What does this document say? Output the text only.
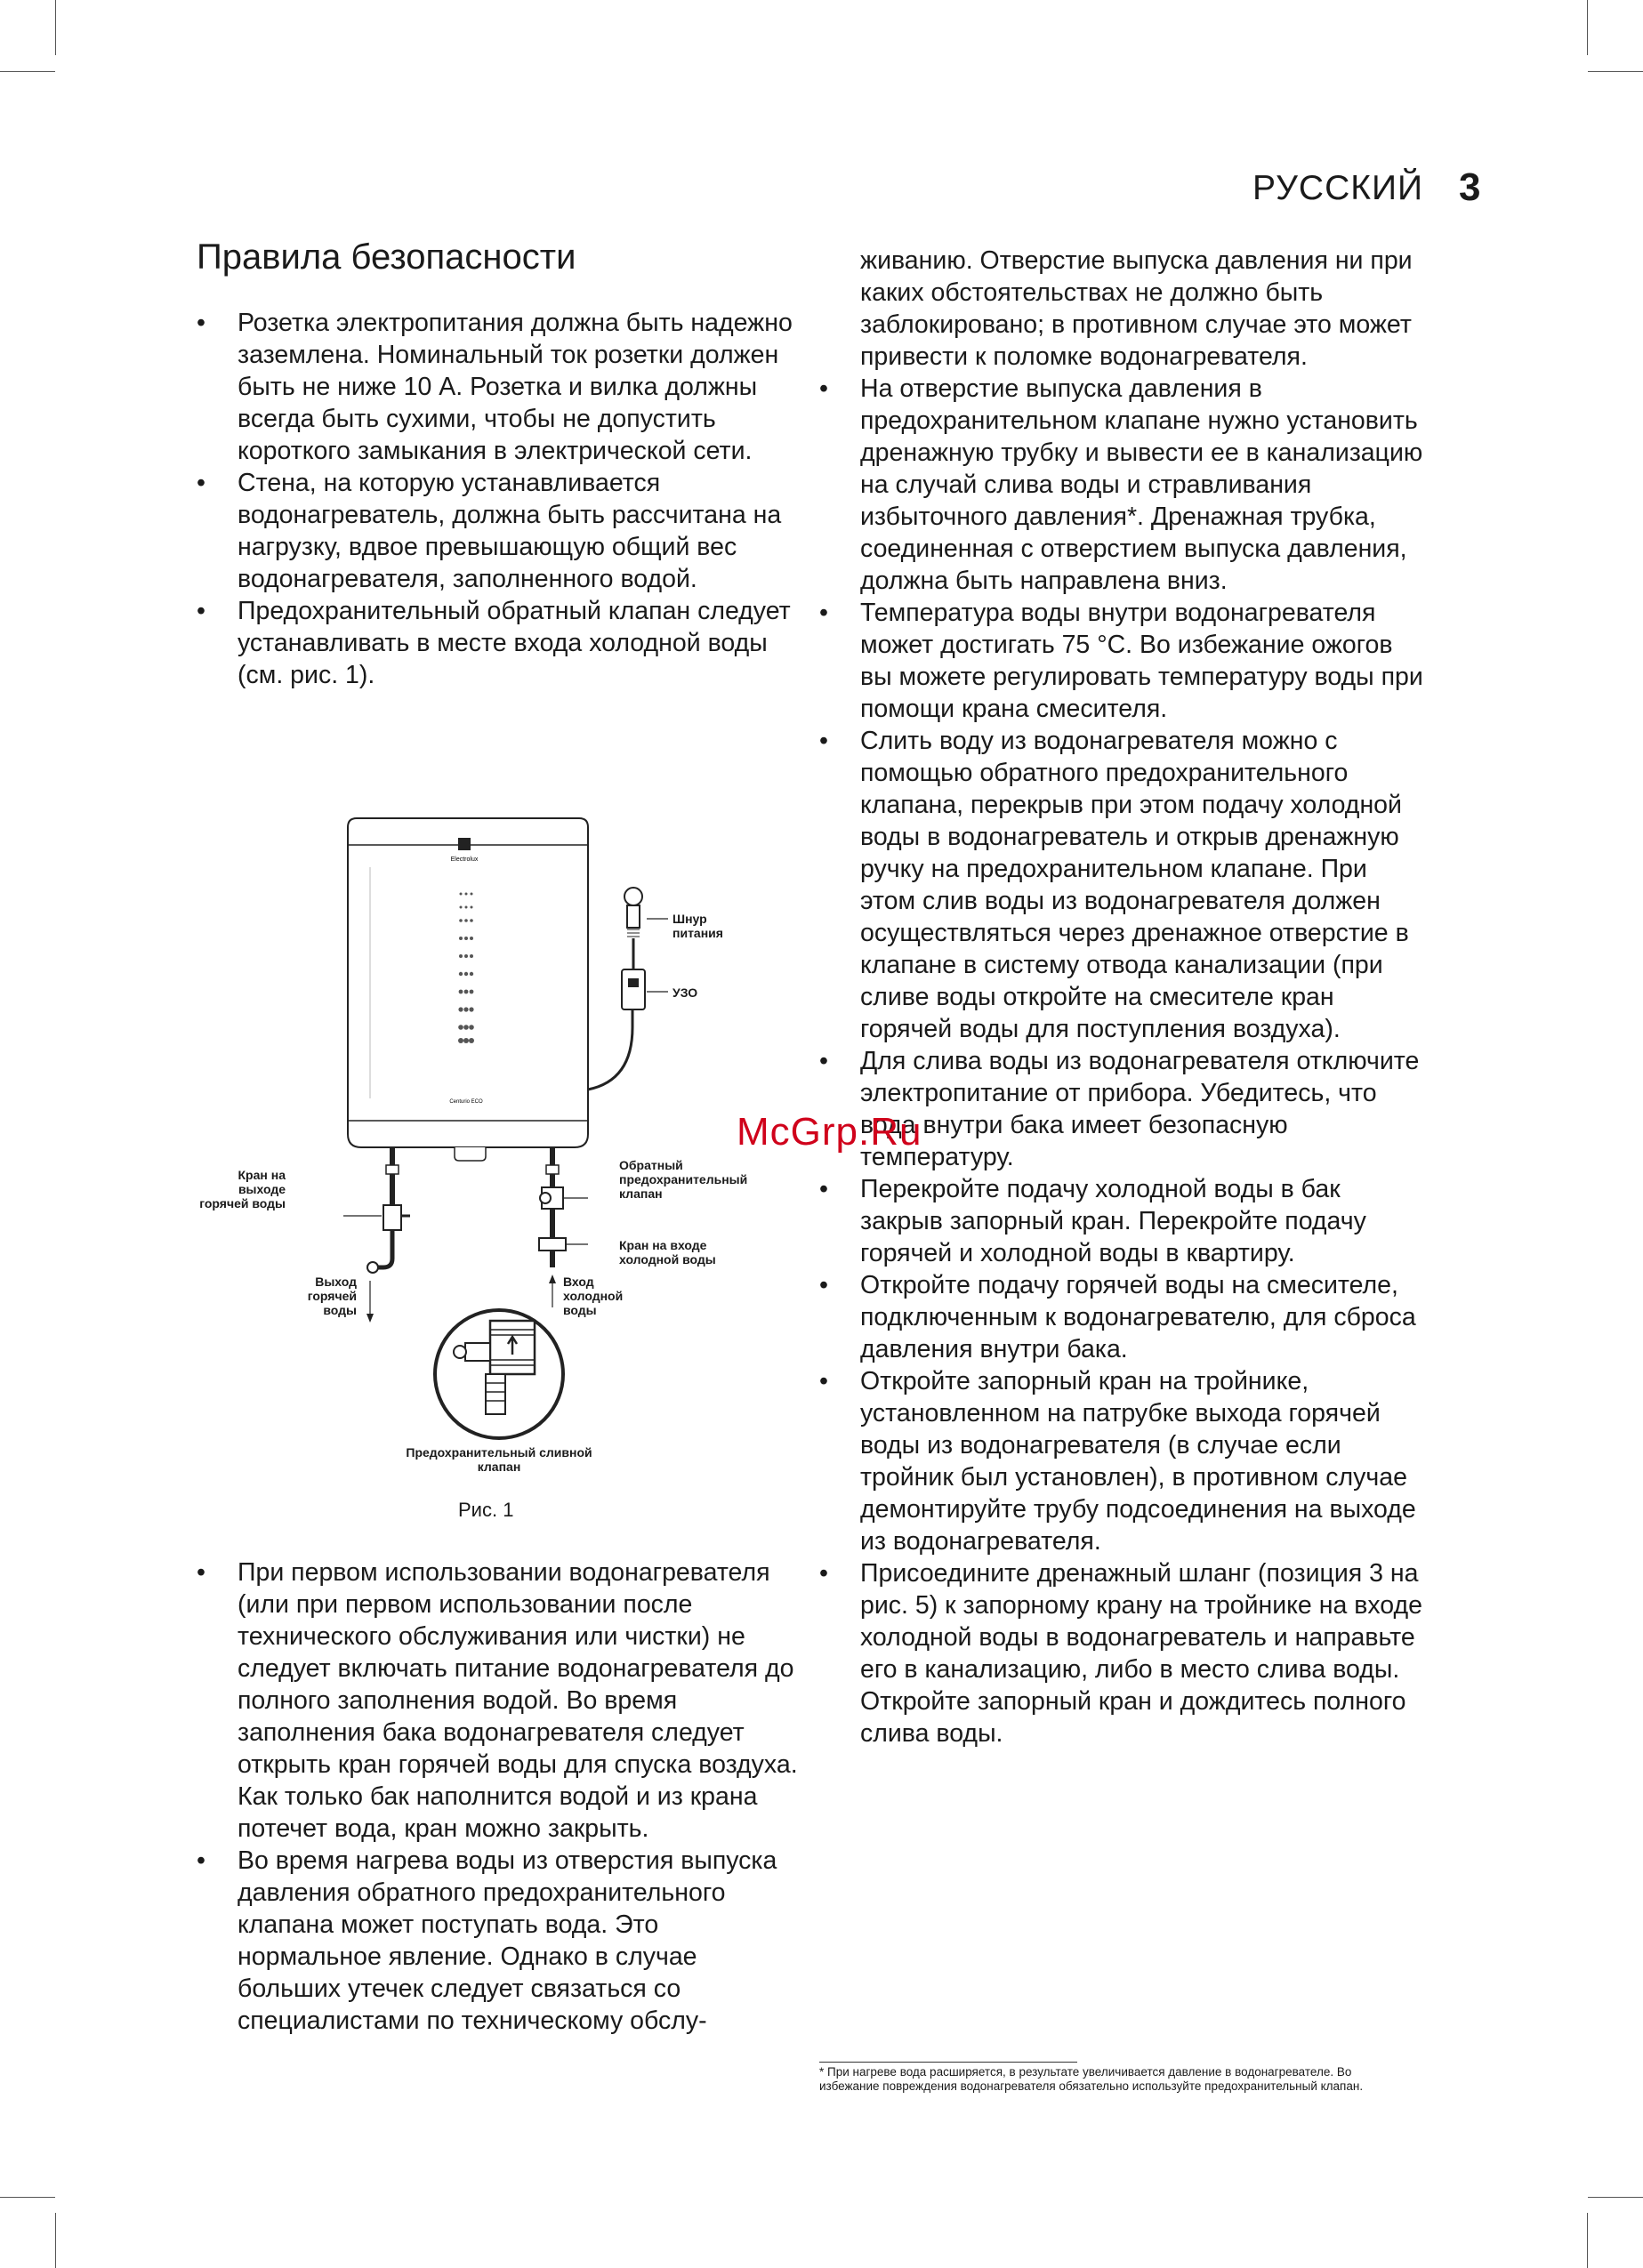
РУССКИЙ 3
Правила безопасности

• Розетка электропитания должна быть надежно заземлена. Номинальный ток розетки должен быть не ниже 10 А. Розетка и вилка должны всегда быть сухими, чтобы не допустить короткого замыкания в электрической сети.

• Стена, на которую устанавливается водонагреватель, должна быть рассчитана на нагрузку, вдвое превышающую общий вес водонагревателя, заполненного водой.

• Предохранительный обратный клапан следует устанавливать в месте входа холодной воды (см. рис. 1).

Electrolux
Centurio ECO
Шнур питания
УЗО
Обратный предохранительный клапан
Кран на выходе горячей воды
Кран на входе холодной воды
Выход горячей воды
Вход холодной воды
Предохранительный сливной клапан
Рис. 1

• При первом использовании водонагревателя (или при первом использовании после технического обслуживания или чистки) не следует включать питание водонагревателя до полного заполнения водой. Во время заполнения бака водонагревателя следует открыть кран горячей воды для спуска воздуха. Как только бак наполнится водой и из крана потечет вода, кран можно закрыть.

• Во время нагрева воды из отверстия выпуска давления обратного предохранительного клапана может поступать вода. Это нормальное явление. Однако в случае больших утечек следует связаться со специалистами по техническому обслу-

живанию. Отверстие выпуска давления ни при каких обстоятельствах не должно быть заблокировано; в противном случае это может привести к поломке водонагревателя.

• На отверстие выпуска давления в предохранительном клапане нужно установить дренажную трубку и вывести ее в канализацию на случай слива воды и стравливания избыточного давления*. Дренажная трубка, соединенная с отверстием выпуска давления, должна быть направлена вниз.

• Температура воды внутри водонагревателя может достигать 75 °C. Во избежание ожогов вы можете регулировать температуру воды при помощи крана смесителя.

• Слить воду из водонагревателя можно с помощью обратного предохранительного клапана, перекрыв при этом подачу холодной воды в водонагреватель и открыв дренажную ручку на предохранительном клапане. При этом слив воды из водонагревателя должен осуществляться через дренажное отверстие в клапане в систему отвода канализации (при сливе воды откройте на смесителе кран горячей воды для поступления воздуха).

• Для слива воды из водонагревателя отключите электропитание от прибора. Убедитесь, что вода внутри бака имеет безопасную температуру.

• Перекройте подачу холодной воды в бак закрыв запорный кран. Перекройте подачу горячей и холодной воды в квартиру.

• Откройте подачу горячей воды на смесителе, подключенным к водонагревателю, для сброса давления внутри бака.

• Откройте запорный кран на тройнике, установленном на патрубке выхода горячей воды из водонагревателя (в случае если тройник был установлен), в противном случае демонтируйте трубу подсоединения на выходе из водонагревателя.

• Присоедините дренажный шланг (позиция 3 на рис. 5) к запорному крану на тройнике на входе холодной воды в водонагреватель и направьте его в канализацию, либо в место слива воды. Откройте запорный кран и дождитесь полного слива воды.

McGrp.Ru
* При нагреве вода расширяется, в результате увеличивается давление в водонагревателе. Во избежание повреждения водонагревателя обязательно используйте предохранительный клапан.
